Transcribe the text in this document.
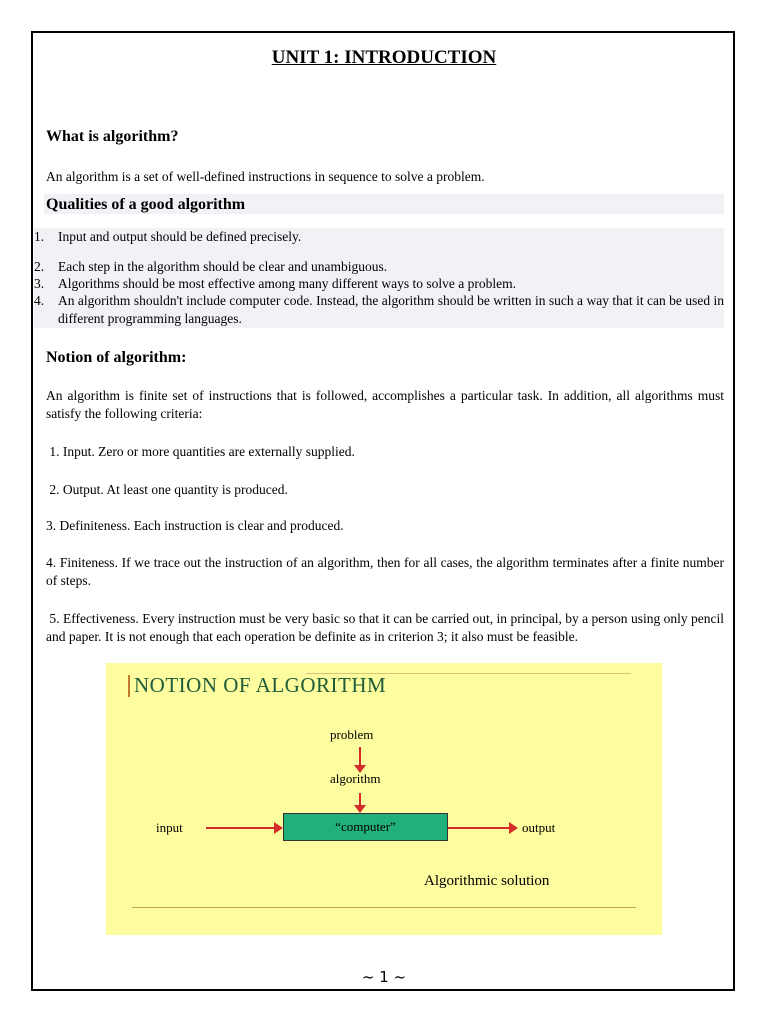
UNIT 1: INTRODUCTION
What is algorithm?

An algorithm is a set of well-defined instructions in sequence to solve a problem.

Qualities of a good algorithm
1.	Input and output should be defined precisely.
2.	Each step in the algorithm should be clear and unambiguous.
3.	Algorithms should be most effective among many different ways to solve a problem.
4.	An algorithm shouldn't include computer code. Instead, the algorithm should be written in such a way that it can be used in different programming languages.
Notion of algorithm:

An algorithm is finite set of instructions that is followed, accomplishes a particular task. In addition, all algorithms must satisfy the following criteria:

1. Input. Zero or more quantities are externally supplied.

2. Output. At least one quantity is produced.

3. Definiteness. Each instruction is clear and produced.

4. Finiteness. If we trace out the instruction of an algorithm, then for all cases, the algorithm terminates after a finite number of steps.

5. Effectiveness. Every instruction must be very basic so that it can be carried out, in principal, by a person using only pencil and paper. It is not enough that each operation be definite as in criterion 3; it also must be feasible.

NOTION OF ALGORITHM
problem
algorithm
input	“computer”	output
Algorithmic solution
~ 1 ~
